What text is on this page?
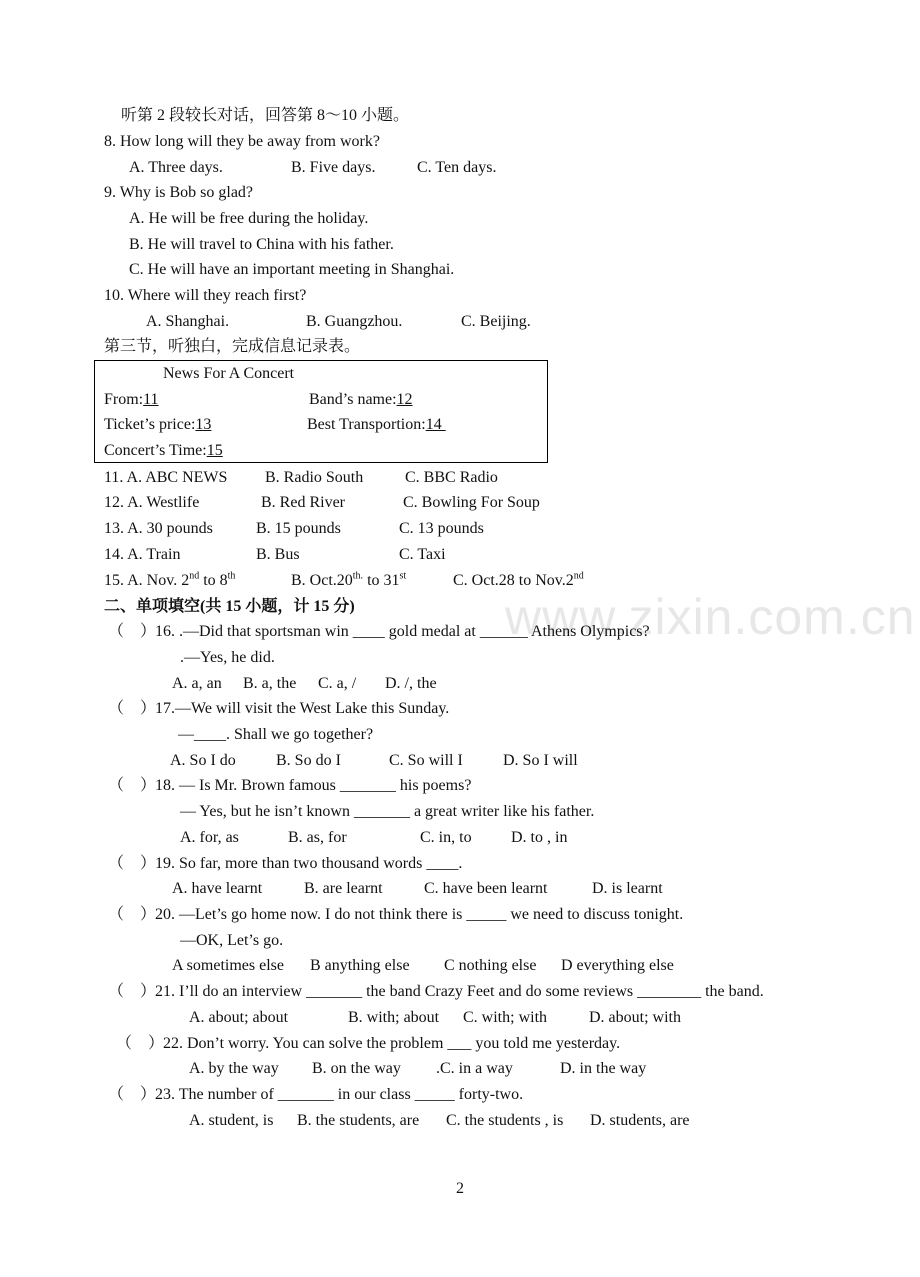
听第 2 段较长对话，回答第 8～10 小题。
8. How long will they be away from work?
A. Three days.	B. Five days.	C. Ten days.
9. Why is Bob so glad?
A. He will be free during the holiday.
B. He will travel to China with his father.
C. He will have an important meeting in Shanghai.
10. Where will they reach first?
A. Shanghai.	B. Guangzhou.	C. Beijing.
第三节，听独白，完成信息记录表。
News For A Concert
From:11	Band’s name:12
Ticket’s price:13	Best Transportion:14
Concert’s Time:15
11. A. ABC NEWS B. Radio South	C. BBC Radio
12. A. Westlife	B. Red River	C. Bowling For Soup
13. A. 30 pounds	B. 15 pounds	C. 13 pounds
14. A. Train	B. Bus	C. Taxi
15. A. Nov. 2nd to 8th	B. $Oct.20^{th.}$ to 31st	C. Oct.28 to Nov.2nd
二、单项填空(共 15 小题，计 15 分)	www.zixin.com.cn
（　）
16. .—Did that sportsman win ____ gold medal at ______ Athens Olympics?
.—Yes, he did.
A. a, an B. a, the C. a, / D. /, the
（　）
17.—We will visit the West Lake this Sunday.
—____. Shall we go together?
A. So I do	B. So do I	C. So will I	D. So I will
（　）
18. — Is Mr. Brown famous _______ his poems?
— Yes, but he isn’t known _______ a great writer like his father.
A. for, as	B. as, for	C. in, to D. to , in
（　）
19. So far, more than two thousand words ____.
A. have learnt	B. are learnt	C. have been learnt	D. is learnt
（　）
20. —Let’s go home now. I do not think there is _____ we need to discuss tonight.
—OK, Let’s go.
A sometimes else B anything else C nothing else D everything else
（　）
21. I’ll do an interview _______ the band Crazy Feet and do some reviews ________ the band.
A. about; about	B. with; about C. with; with	D. about; with
（　）
22. Don’t worry. You can solve the problem ___ you told me yesterday.
A. by the way B. on the way .C. in a way	D. in the way
（　）
23. The number of _______ in our class _____ forty-two.
A. student, is B. the students, are C. the students , is D. students, are
2
